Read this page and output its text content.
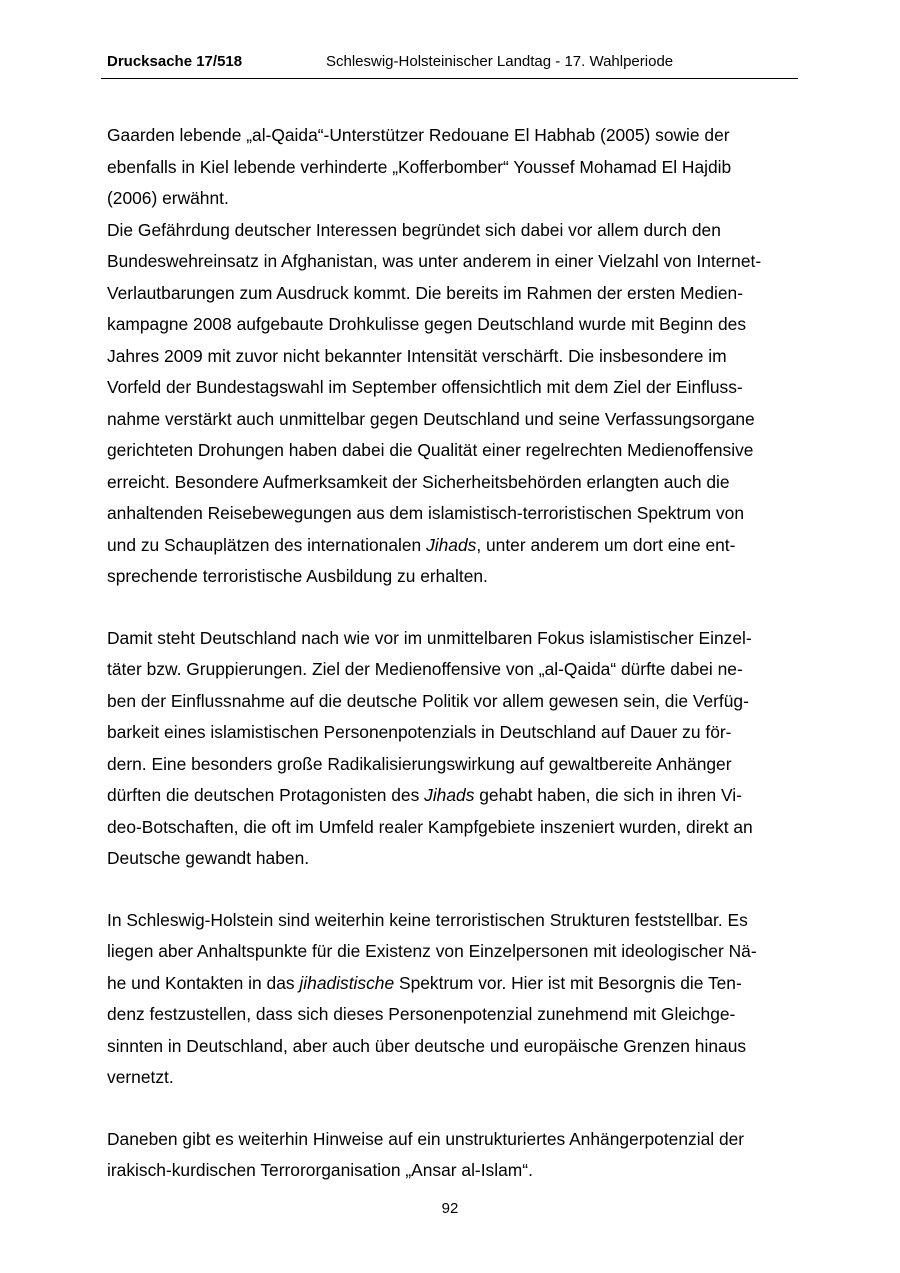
Drucksache 17/518	Schleswig-Holsteinischer Landtag - 17. Wahlperiode
Gaarden lebende „al-Qaida“-Unterstützer Redouane El Habhab (2005) sowie der
ebenfalls in Kiel lebende verhinderte „Kofferbomber“ Youssef Mohamad El Hajdib
(2006) erwähnt.
Die Gefährdung deutscher Interessen begründet sich dabei vor allem durch den
Bundeswehreinsatz in Afghanistan, was unter anderem in einer Vielzahl von Internet-
Verlautbarungen zum Ausdruck kommt. Die bereits im Rahmen der ersten Medien-
kampagne 2008 aufgebaute Drohkulisse gegen Deutschland wurde mit Beginn des
Jahres 2009 mit zuvor nicht bekannter Intensität verschärft. Die insbesondere im
Vorfeld der Bundestagswahl im September offensichtlich mit dem Ziel der Einfluss-
nahme verstärkt auch unmittelbar gegen Deutschland und seine Verfassungsorgane
gerichteten Drohungen haben dabei die Qualität einer regelrechten Medienoffensive
erreicht. Besondere Aufmerksamkeit der Sicherheitsbehörden erlangten auch die
anhaltenden Reisebewegungen aus dem islamistisch-terroristischen Spektrum von
und zu Schauplätzen des internationalen Jihads, unter anderem um dort eine ent-
sprechende terroristische Ausbildung zu erhalten.
Damit steht Deutschland nach wie vor im unmittelbaren Fokus islamistischer Einzel-
täter bzw. Gruppierungen. Ziel der Medienoffensive von „al-Qaida“ dürfte dabei ne-
ben der Einflussnahme auf die deutsche Politik vor allem gewesen sein, die Verfüg-
barkeit eines islamistischen Personenpotenzials in Deutschland auf Dauer zu för-
dern. Eine besonders große Radikalisierungswirkung auf gewaltbereite Anhänger
dürften die deutschen Protagonisten des Jihads gehabt haben, die sich in ihren Vi-
deo-Botschaften, die oft im Umfeld realer Kampfgebiete inszeniert wurden, direkt an
Deutsche gewandt haben.
In Schleswig-Holstein sind weiterhin keine terroristischen Strukturen feststellbar. Es
liegen aber Anhaltspunkte für die Existenz von Einzelpersonen mit ideologischer Nä-
he und Kontakten in das jihadistische Spektrum vor. Hier ist mit Besorgnis die Ten-
denz festzustellen, dass sich dieses Personenpotenzial zunehmend mit Gleichge-
sinnten in Deutschland, aber auch über deutsche und europäische Grenzen hinaus
vernetzt.
Daneben gibt es weiterhin Hinweise auf ein unstrukturiertes Anhängerpotenzial der
irakisch-kurdischen Terrororganisation „Ansar al-Islam“.
92
